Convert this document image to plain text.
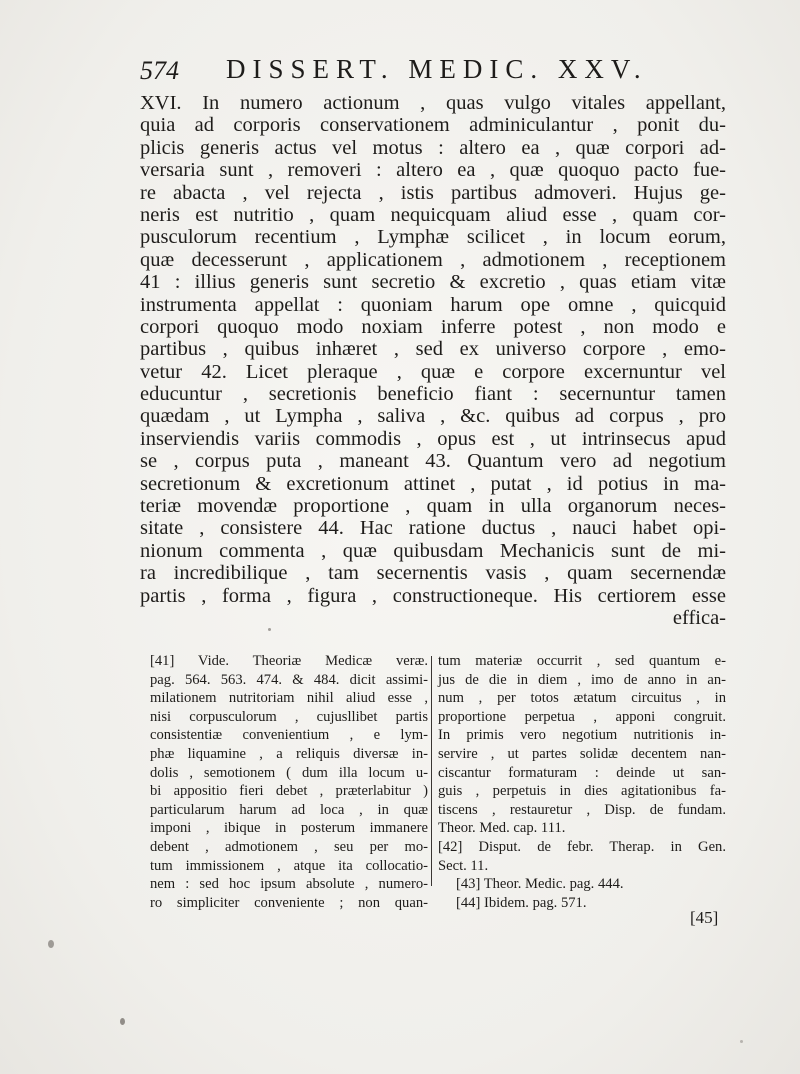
574 DISSERT. MEDIC. XXV.
XVI. In numero actionum , quas vulgo vitales appellant,
quia ad corporis conservationem adminiculantur , ponit du-
plicis generis actus vel motus : altero ea , quæ corpori ad-
versaria sunt , removeri : altero ea , quæ quoquo pacto fue-
re abacta , vel rejecta , istis partibus admoveri. Hujus ge-
neris est nutritio , quam nequicquam aliud esse , quam cor-
pusculorum recentium , Lymphæ scilicet , in locum eorum,
quæ decesserunt , applicationem , admotionem , receptionem
41 : illius generis sunt secretio & excretio , quas etiam vitæ
instrumenta appellat : quoniam harum ope omne , quicquid
corpori quoquo modo noxiam inferre potest , non modo e
partibus , quibus inhæret , sed ex universo corpore , emo-
vetur 42. Licet pleraque , quæ e corpore excernuntur vel
educuntur , secretionis beneficio fiant : secernuntur tamen
quædam , ut Lympha , saliva , &c. quibus ad corpus , pro
inserviendis variis commodis , opus est , ut intrinsecus apud
se , corpus puta , maneant 43. Quantum vero ad negotium
secretionum & excretionum attinet , putat , id potius in ma-
teriæ movendæ proportione , quam in ulla organorum neces-
sitate , consistere 44. Hac ratione ductus , nauci habet opi-
nionum commenta , quæ quibusdam Mechanicis sunt de mi-
ra incredibilique , tam secernentis vasis , quam secernendæ
partis , forma , figura , constructioneque. His certiorem esse
effica-
[41] Vide. Theoriæ Medicæ veræ.
pag. 564. 563. 474. & 484. dicit assimi-
milationem nutritoriam nihil aliud esse ,
nisi corpusculorum , cujusllibet partis
consistentiæ convenientium , e lym-
phæ liquamine , a reliquis diversæ in-
dolis , semotionem ( dum illa locum u-
bi appositio fieri debet , præterlabitur )
particularum harum ad loca , in quæ
imponi , ibique in posterum immanere
debent , admotionem , seu per mo-
tum immissionem , atque ita collocatio-
nem : sed hoc ipsum absolute , numero-
ro simpliciter conveniente ; non quan-
tum materiæ occurrit , sed quantum e-
jus de die in diem , imo de anno in an-
num , per totos ætatum circuitus , in
proportione perpetua , apponi congruit.
In primis vero negotium nutritionis in-
servire , ut partes solidæ decentem nan-
ciscantur formaturam : deinde ut san-
guis , perpetuis in dies agitationibus fa-
tiscens , restauretur , Disp. de fundam.
Theor. Med. cap. 111.
[42] Disput. de febr. Therap. in Gen.
Sect. 11.
[43] Theor. Medic. pag. 444.
[44] Ibidem. pag. 571.
[45]
